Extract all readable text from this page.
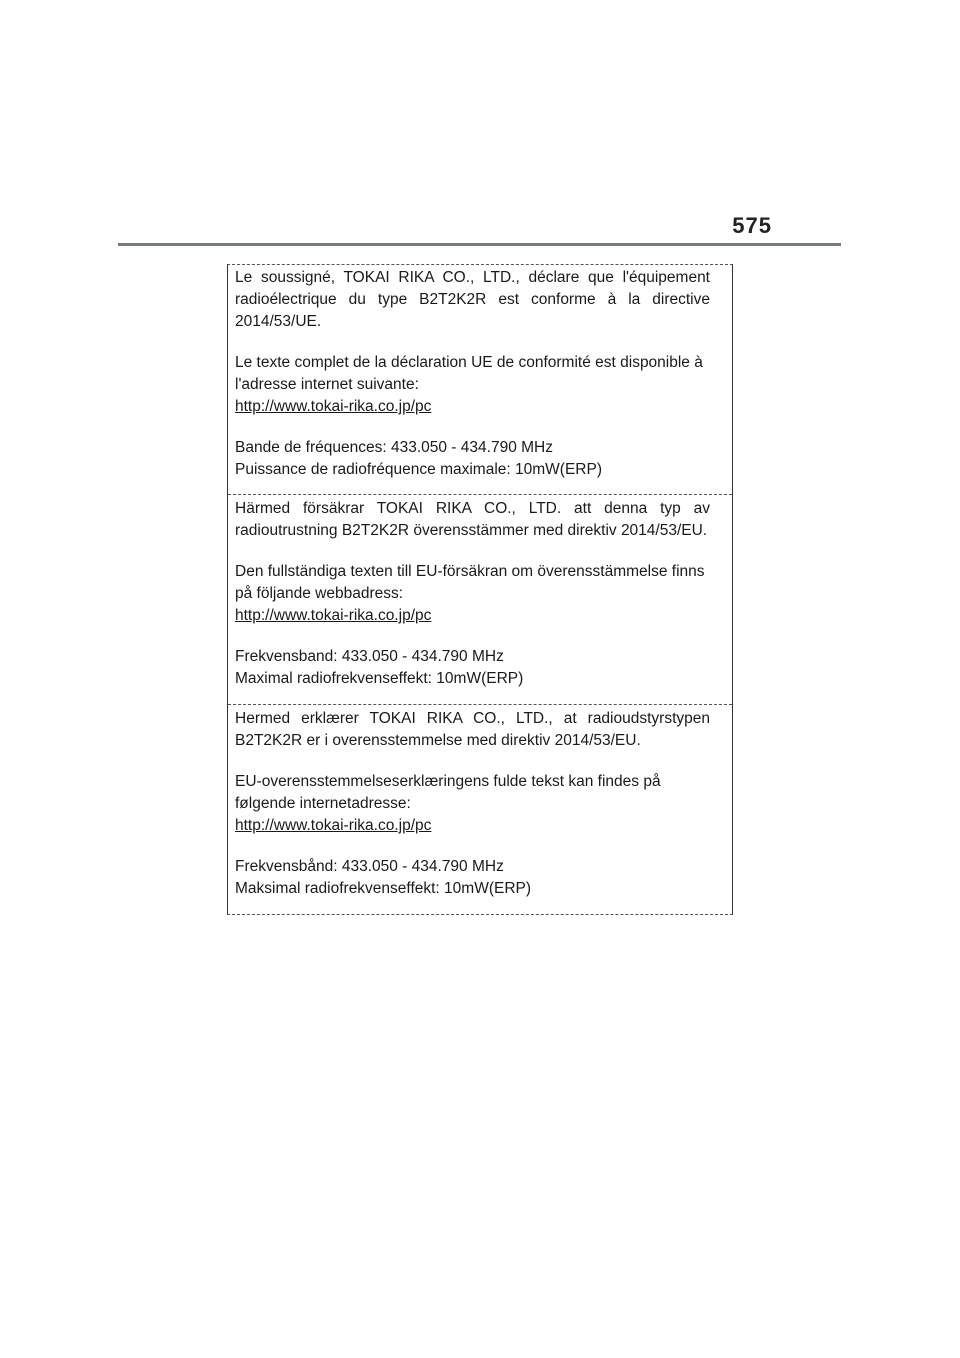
575

Le soussigné, TOKAI RIKA CO., LTD., déclare que l'équipement radioélectrique du type B2T2K2R est conforme à la directive 2014/53/UE.

Le texte complet de la déclaration UE de conformité est disponible à
l'adresse internet suivante:
http://www.tokai-rika.co.jp/pc

Bande de fréquences: 433.050 - 434.790 MHz
Puissance de radiofréquence maximale: 10mW(ERP)

Härmed försäkrar TOKAI RIKA CO., LTD. att denna typ av radioutrustning B2T2K2R överensstämmer med direktiv 2014/53/EU.

Den fullständiga texten till EU-försäkran om överensstämmelse finns
på följande webbadress:
http://www.tokai-rika.co.jp/pc

Frekvensband: 433.050 - 434.790 MHz
Maximal radiofrekvenseffekt: 10mW(ERP)

Hermed erklærer TOKAI RIKA CO., LTD., at radioudstyrstypen B2T2K2R er i overensstemmelse med direktiv 2014/53/EU.

EU-overensstemmelseserklæringens fulde tekst kan findes på
følgende internetadresse:
http://www.tokai-rika.co.jp/pc

Frekvensbånd: 433.050 - 434.790 MHz
Maksimal radiofrekvenseffekt: 10mW(ERP)
